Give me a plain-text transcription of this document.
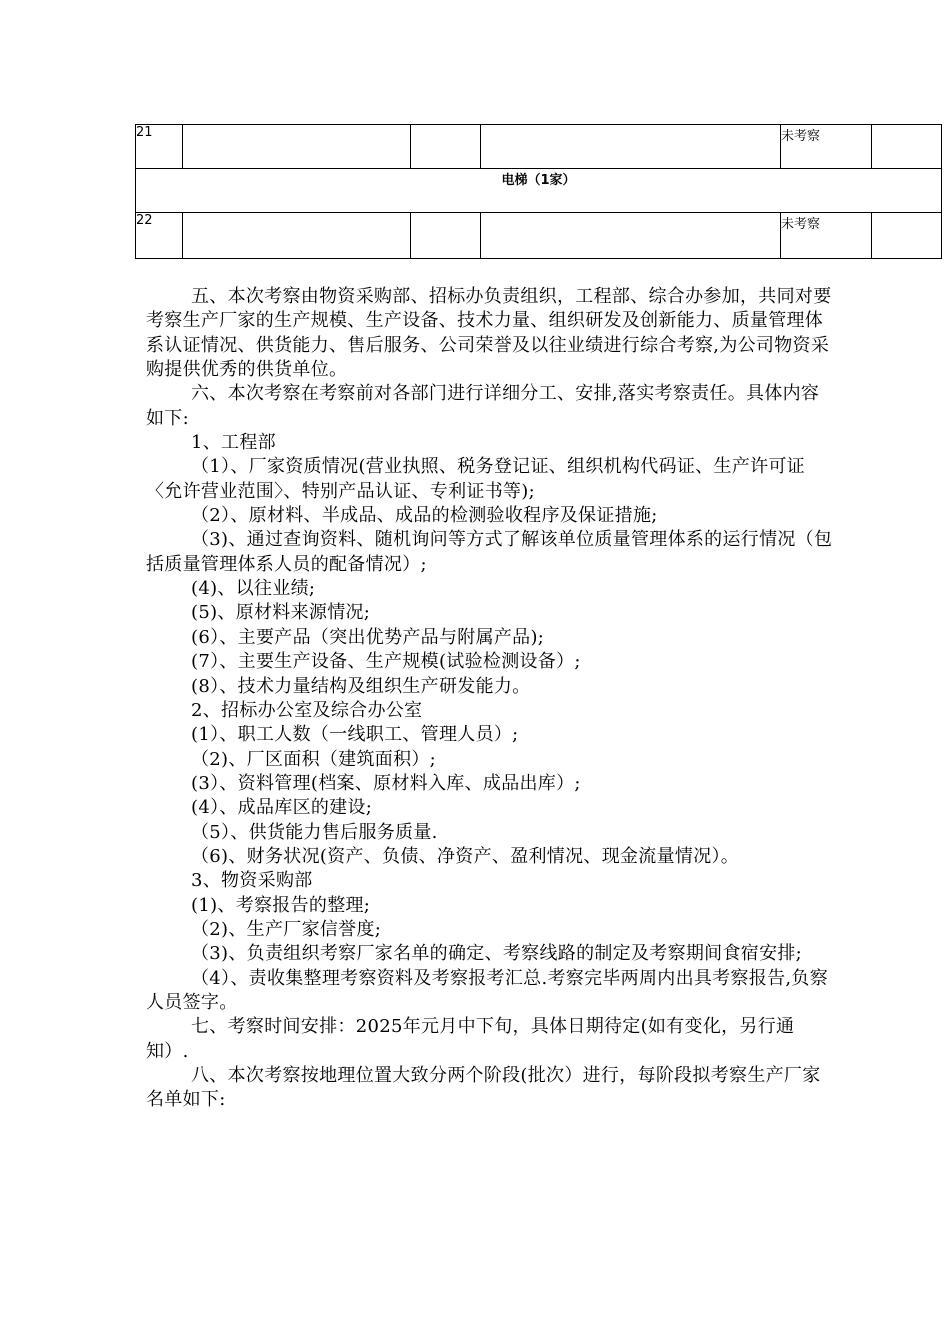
21				未考察	
电梯（1家）					
22				未考察	

五、本次考察由物资采购部、招标办负责组织，工程部、综合办参加，共同对要考察生产厂家的生产规模、生产设备、技术力量、组织研发及创新能力、质量管理体系认证情况、供货能力、售后服务、公司荣誉及以往业绩进行综合考察,为公司物资采购提供优秀的供货单位。

六、本次考察在考察前对各部门进行详细分工、安排,落实考察责任。具体内容如下:

1、工程部

（1）、厂家资质情况(营业执照、税务登记证、组织机构代码证、生产许可证〈允许营业范围〉、特别产品认证、专利证书等);

（2）、原材料、半成品、成品的检测验收程序及保证措施;

（3)、通过查询资料、随机询问等方式了解该单位质量管理体系的运行情况（包括质量管理体系人员的配备情况）;

(4)、以往业绩;

(5)、原材料来源情况;

(6）、主要产品（突出优势产品与附属产品);

(7）、主要生产设备、生产规模(试验检测设备）;

(8）、技术力量结构及组织生产研发能力。

2、招标办公室及综合办公室

(1）、职工人数（一线职工、管理人员）;

（2)、厂区面积（建筑面积）;

(3）、资料管理(档案、原材料入库、成品出库）;

(4）、成品库区的建设;

（5）、供货能力售后服务质量.

（6)、财务状况(资产、负债、净资产、盈利情况、现金流量情况）。

3、物资采购部

(1)、考察报告的整理;

（2)、生产厂家信誉度;

（3)、负责组织考察厂家名单的确定、考察线路的制定及考察期间食宿安排;

（4）、责收集整理考察资料及考察报考汇总.考察完毕两周内出具考察报告,负察人员签字。

七、考察时间安排：2025年元月中下旬，具体日期待定(如有变化，另行通知）.

八、本次考察按地理位置大致分两个阶段(批次）进行，每阶段拟考察生产厂家名单如下:
